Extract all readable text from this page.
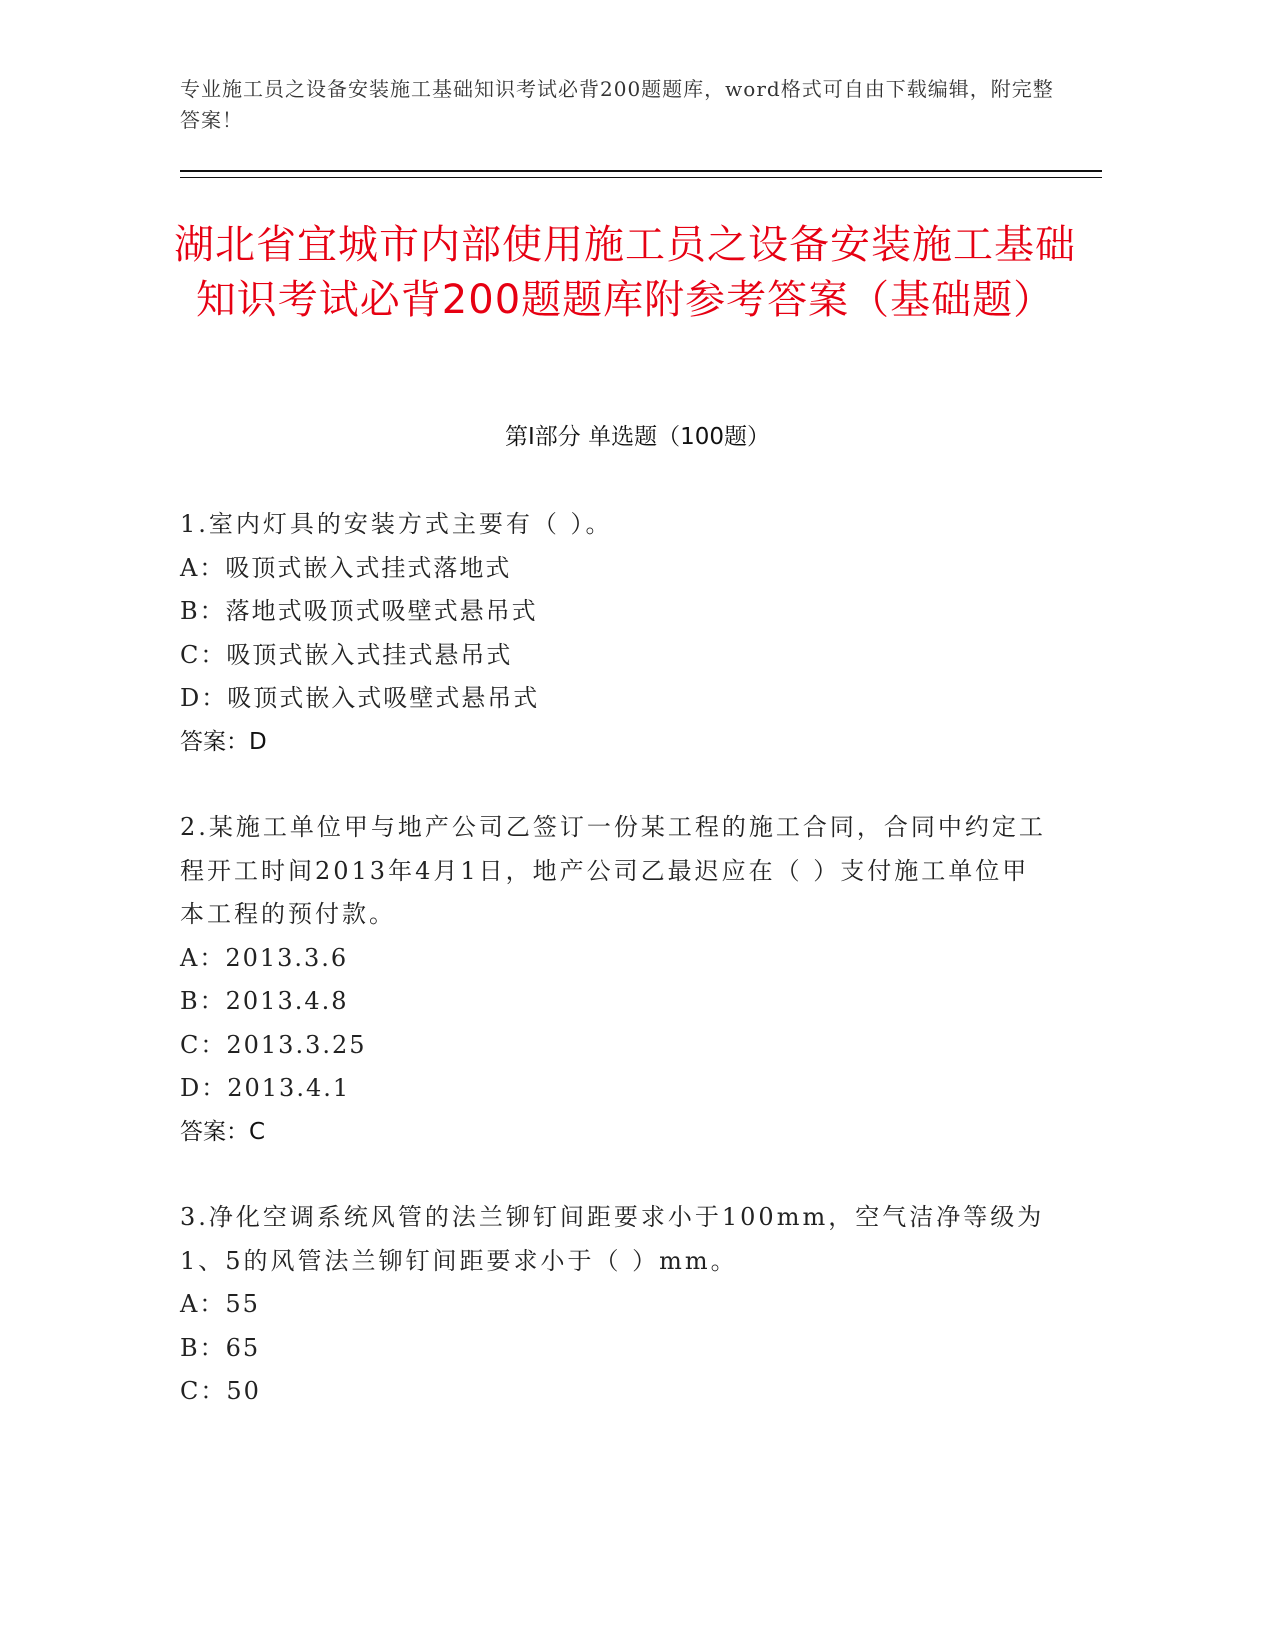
专业施工员之设备安装施工基础知识考试必背200题题库，word格式可自由下载编辑，附完整答案！
湖北省宜城市内部使用施工员之设备安装施工基础知识考试必背200题题库附参考答案（基础题）
第I部分 单选题（100题）
1.室内灯具的安装方式主要有（ ）。
A：吸顶式嵌入式挂式落地式
B：落地式吸顶式吸壁式悬吊式
C：吸顶式嵌入式挂式悬吊式
D：吸顶式嵌入式吸壁式悬吊式
答案：D
2.某施工单位甲与地产公司乙签订一份某工程的施工合同，合同中约定工程开工时间2013年4月1日，地产公司乙最迟应在（ ）支付施工单位甲本工程的预付款。
A：2013.3.6
B：2013.4.8
C：2013.3.25
D：2013.4.1
答案：C
3.净化空调系统风管的法兰铆钉间距要求小于100mm，空气洁净等级为1、5的风管法兰铆钉间距要求小于（ ）mm。
A：55
B：65
C：50
